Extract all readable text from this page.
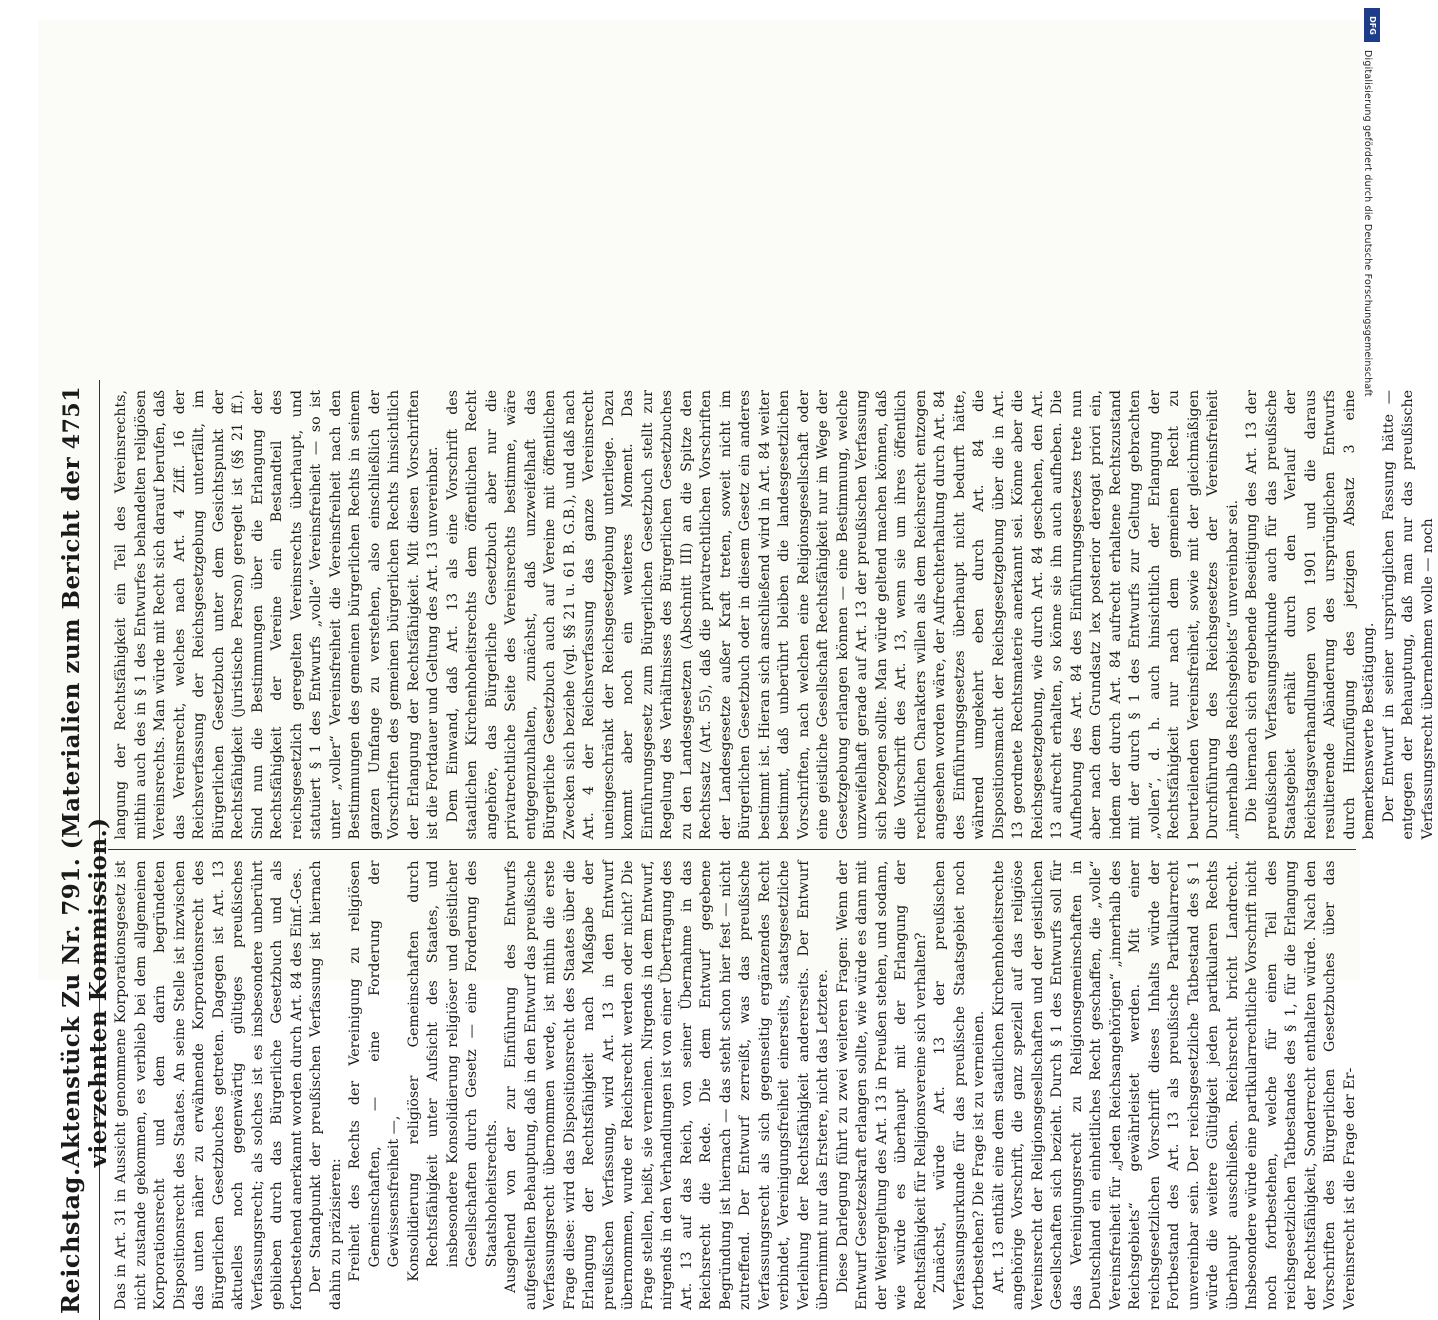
Reichstag.
Aktenstück Zu Nr. 791. (Materialien zum Bericht der vierzehnten Kommission.)
4751

Das in Art. 31 in Aussicht genommene Korporationsgesetz ist nicht zustande gekommen, es verblieb bei dem allgemeinen Korporationsrecht und dem darin begründeten Dispositionsrecht des Staates. An seine Stelle ist inzwischen das unten näher zu erwähnende Korporationsrecht des Bürgerlichen Gesetzbuches getreten. Dagegen ist Art. 13 aktuelles noch gegenwärtig gültiges preußisches Verfassungsrecht; als solches ist es insbesondere unberührt geblieben durch das Bürgerliche Gesetzbuch und als fortbestehend anerkannt worden durch Art. 84 des Einf.-Ges. Der Standpunkt der preußischen Verfassung ist hiernach dahin zu präzisieren: Freiheit des Rechts der Vereinigung zu religiösen Gemeinschaften, — eine Forderung der Gewissensfreiheit —, Konsolidierung religiöser Gemeinschaften durch Rechtsfähigkeit unter Aufsicht des Staates, und insbesondere Konsolidierung religiöser und geistlicher Gesellschaften durch Gesetz — eine Forderung des Staatshoheitsrechts. Ausgehend von der zur Einführung des Entwurfs aufgestellten Behauptung, daß in den Entwurf das preußische Verfassungsrecht übernommen werde, ist mithin die erste Frage diese: wird das Dispositionsrecht des Staates über die Erlangung der Rechtsfähigkeit nach Maßgabe der preußischen Verfassung, wird Art. 13 in den Entwurf übernommen, wurde er Reichsrecht werden oder nicht? Die Frage stellen, heißt, sie verneinen. Nirgends in dem Entwurf, nirgends in den Verhandlungen ist von einer Übertragung des Art. 13 auf das Reich, von seiner Übernahme in das Reichsrecht die Rede. Die dem Entwurf gegebene Begründung ist hiernach — das steht schon hier fest — nicht zutreffend. Der Entwurf zerreißt, was das preußische Verfassungsrecht als sich gegenseitig ergänzendes Recht verbindet, Vereinigungsfreiheit einerseits, staatsgesetzliche Verleihung der Rechtsfähigkeit andererseits. Der Entwurf übernimmt nur das Erstere, nicht das Letztere. Diese Darlegung führt zu zwei weiteren Fragen: Wenn der Entwurf Gesetzeskraft erlangen sollte, wie würde es dann mit der Weitergeltung des Art. 13 in Preußen stehen, und sodann, wie würde es überhaupt mit der Erlangung der Rechtsfähigkeit für Religionsvereine sich verhalten? Zunächst, würde Art. 13 der preußischen Verfassungsurkunde für das preußische Staatsgebiet noch fortbestehen? Die Frage ist zu verneinen. Art. 13 enthält eine dem staatlichen Kirchenhoheitsrechte angehörige Vorschrift, die ganz speziell auf das religiöse Vereinsrecht der Religionsgesellschaften und der geistlichen Gesellschaften sich bezieht. Durch § 1 des Entwurfs soll für das Vereinigungsrecht zu Religionsgemeinschaften in Deutschland ein einheitliches Recht geschaffen, die „volle“ Vereinsfreiheit für „jeden Reichsangehörigen“ „innerhalb des Reichsgebiets“ gewährleistet werden. Mit einer reichsgesetzlichen Vorschrift dieses Inhalts würde der Fortbestand des Art. 13 als preußische Partikularrecht unvereinbar sein. Der reichsgesetzliche Tatbestand des § 1 würde die weitere Gültigkeit jeden partikularen Rechts überhaupt ausschließen. Reichsrecht bricht Landrecht. Insbesondere würde eine partikularrechtliche Vorschrift nicht noch fortbestehen, welche für einen Teil des reichsgesetzlichen Tatbestandes des § 1, für die Erlangung der Rechtsfähigkeit, Sonderrecht enthalten würde. Nach den Vorschriften des Bürgerlichen Gesetzbuches über das Vereinsrecht ist die Frage der Er-

langung der Rechtsfähigkeit ein Teil des Vereinsrechts, mithin auch des in § 1 des Entwurfes behandelten religiösen Vereinsrechts. Man würde mit Recht sich darauf berufen, daß das Vereinsrecht, welches nach Art. 4 Ziff. 16 der Reichsverfassung der Reichsgesetzgebung unterfällt, im Bürgerlichen Gesetzbuch unter dem Gesichtspunkt der Rechtsfähigkeit (juristische Person) geregelt ist (§§ 21 ff.). Sind nun die Bestimmungen über die Erlangung der Rechtsfähigkeit der Vereine ein Bestandteil des reichsgesetzlich geregelten Vereinsrechts überhaupt, und statuiert § 1 des Entwurfs „volle“ Vereinsfreiheit — so ist unter „voller“ Vereinsfreiheit die Vereinsfreiheit nach den Bestimmungen des gemeinen bürgerlichen Rechts in seinem ganzen Umfange zu verstehen, also einschließlich der Vorschriften des gemeinen bürgerlichen Rechts hinsichtlich der Erlangung der Rechtsfähigkeit. Mit diesen Vorschriften ist die Fortdauer und Geltung des Art. 13 unvereinbar. Dem Einwand, daß Art. 13 als eine Vorschrift des staatlichen Kirchenhoheitsrechts dem öffentlichen Recht angehöre, das Bürgerliche Gesetzbuch aber nur die privatrechtliche Seite des Vereinsrechts bestimme, wäre entgegenzuhalten, zunächst, daß unzweifelhaft das Bürgerliche Gesetzbuch auch auf Vereine mit öffentlichen Zwecken sich beziehe (vgl. §§ 21 u. 61 B. G.B.), und daß nach Art. 4 der Reichsverfassung das ganze Vereinsrecht uneingeschränkt der Reichsgesetzgebung unterliege. Dazu kommt aber noch ein weiteres Moment. Das Einführungsgesetz zum Bürgerlichen Gesetzbuch stellt zur Regelung des Verhältnisses des Bürgerlichen Gesetzbuches zu den Landesgesetzen (Abschnitt III) an die Spitze den Rechtssatz (Art. 55), daß die privatrechtlichen Vorschriften der Landesgesetze außer Kraft treten, soweit nicht im Bürgerlichen Gesetzbuch oder in diesem Gesetz ein anderes bestimmt ist. Hieran sich anschließend wird in Art. 84 weiter bestimmt, daß unberührt bleiben die landesgesetzlichen Vorschriften, nach welchen eine Religionsgesellschaft oder eine geistliche Gesellschaft Rechtsfähigkeit nur im Wege der Gesetzgebung erlangen können — eine Bestimmung, welche unzweifelhaft gerade auf Art. 13 der preußischen Verfassung sich bezogen sollte. Man würde geltend machen können, daß die Vorschrift des Art. 13, wenn sie um ihres öffentlich rechtlichen Charakters willen als dem Reichsrecht entzogen angesehen worden wäre, der Aufrechterhaltung durch Art. 84 des Einführungsgesetzes überhaupt nicht bedurft hätte, während umgekehrt eben durch Art. 84 die Dispositionsmacht der Reichsgesetzgebung über die in Art. 13 geordnete Rechtsmaterie anerkannt sei. Könne aber die Reichsgesetzgebung, wie durch Art. 84 geschehen, den Art. 13 aufrecht erhalten, so könne sie ihn auch aufheben. Die Aufhebung des Art. 84 des Einführungsgesetzes trete nun aber nach dem Grundsatz lex posterior derogat priori ein, indem der durch Art. 84 aufrecht erhaltene Rechtszustand mit der durch § 1 des Entwurfs zur Geltung gebrachten „vollen“, d. h. auch hinsichtlich der Erlangung der Rechtsfähigkeit nur nach dem gemeinen Recht zu beurteilenden Vereinsfreiheit, sowie mit der gleichmäßigen Durchführung des Reichsgesetzes der Vereinsfreiheit „innerhalb des Reichsgebiets“ unvereinbar sei. Die hiernach sich ergebende Beseitigung des Art. 13 der preußischen Verfassungsurkunde auch für das preußische Staatsgebiet erhält durch den Verlauf der Reichstagsverhandlungen von 1901 und die daraus resultierende Abänderung des ursprünglichen Entwurfs durch Hinzufügung des jetzigen Absatz 3 eine bemerkenswerte Bestätigung. Der Entwurf in seiner ursprünglichen Fassung hätte — entgegen der Behauptung, daß man nur das preußische Verfassungsrecht übernehmen wolle — noch

DFG
Digitalisierung gefördert durch die Deutsche Forschungsgemeinschaft
